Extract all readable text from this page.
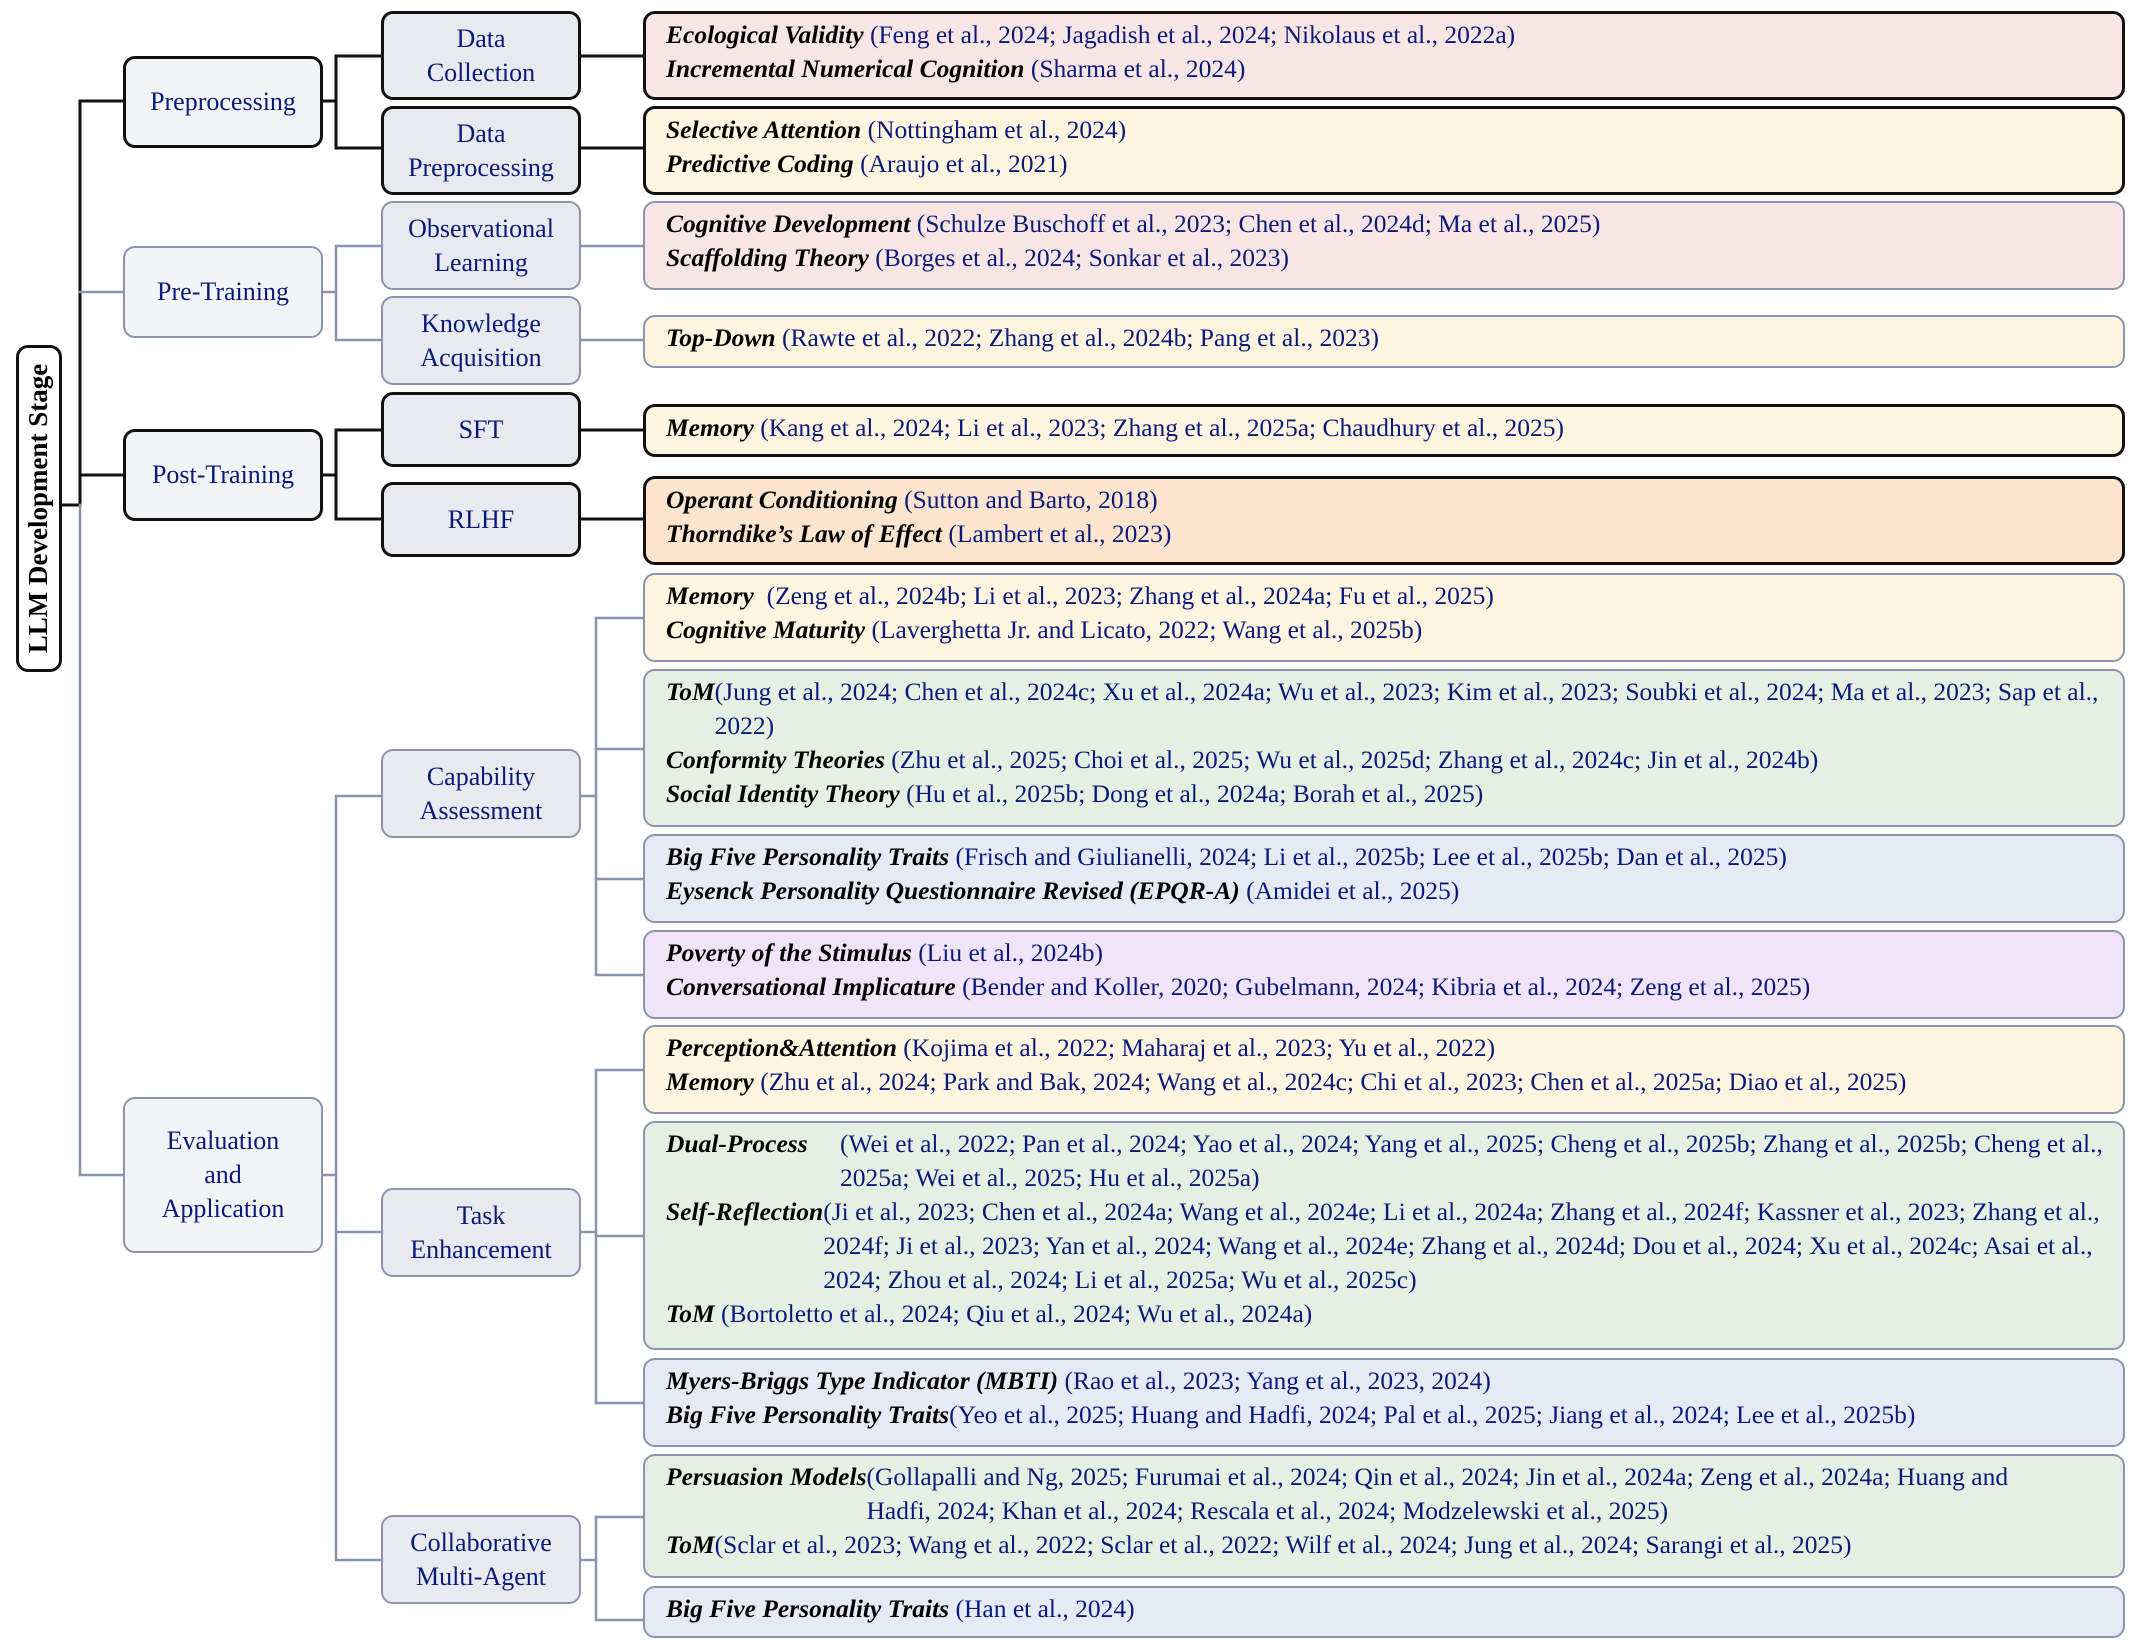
LLM Development Stage
Preprocessing
Pre-Training
Post-Training
Evaluation and Application
Data Collection
Data Preprocessing
Observational Learning
Knowledge Acquisition
SFT
RLHF
Capability Assessment
Task Enhancement
Collaborative Multi-Agent
Ecological Validity (Feng et al., 2024; Jagadish et al., 2024; Nikolaus et al., 2022a)
Incremental Numerical Cognition (Sharma et al., 2024)
Selective Attention (Nottingham et al., 2024)
Predictive Coding (Araujo et al., 2021)
Cognitive Development (Schulze Buschoff et al., 2023; Chen et al., 2024d; Ma et al., 2025)
Scaffolding Theory (Borges et al., 2024; Sonkar et al., 2023)
Top-Down (Rawte et al., 2022; Zhang et al., 2024b; Pang et al., 2023)
Memory (Kang et al., 2024; Li et al., 2023; Zhang et al., 2025a; Chaudhury et al., 2025)
Operant Conditioning (Sutton and Barto, 2018)
Thorndike’s Law of Effect (Lambert et al., 2023)
Memory  (Zeng et al., 2024b; Li et al., 2023; Zhang et al., 2024a; Fu et al., 2025)
Cognitive Maturity (Laverghetta Jr. and Licato, 2022; Wang et al., 2025b)
ToM (Jung et al., 2024; Chen et al., 2024c; Xu et al., 2024a; Wu et al., 2023; Kim et al., 2023; Soubki et al., 2024; Ma et al., 2023; Sap et al., 2022)
Conformity Theories (Zhu et al., 2025; Choi et al., 2025; Wu et al., 2025d; Zhang et al., 2024c; Jin et al., 2024b)
Social Identity Theory (Hu et al., 2025b; Dong et al., 2024a; Borah et al., 2025)
Big Five Personality Traits (Frisch and Giulianelli, 2024; Li et al., 2025b; Lee et al., 2025b; Dan et al., 2025)
Eysenck Personality Questionnaire Revised (EPQR-A) (Amidei et al., 2025)
Poverty of the Stimulus (Liu et al., 2024b)
Conversational Implicature (Bender and Koller, 2020; Gubelmann, 2024; Kibria et al., 2024; Zeng et al., 2025)
Perception&Attention (Kojima et al., 2022; Maharaj et al., 2023; Yu et al., 2022)
Memory (Zhu et al., 2024; Park and Bak, 2024; Wang et al., 2024c; Chi et al., 2023; Chen et al., 2025a; Diao et al., 2025)
Dual-Process	(Wei et al., 2022; Pan et al., 2024; Yao et al., 2024; Yang et al., 2025; Cheng et al., 2025b; Zhang et al., 2025b; Cheng et al., 2025a; Wei et al., 2025; Hu et al., 2025a)
Self-Reflection (Ji et al., 2023; Chen et al., 2024a; Wang et al., 2024e; Li et al., 2024a; Zhang et al., 2024f; Kassner et al., 2023; Zhang et al., 2024f; Ji et al., 2023; Yan et al., 2024; Wang et al., 2024e; Zhang et al., 2024d; Dou et al., 2024; Xu et al., 2024c; Asai et al., 2024; Zhou et al., 2024; Li et al., 2025a; Wu et al., 2025c)
ToM (Bortoletto et al., 2024; Qiu et al., 2024; Wu et al., 2024a)
Myers-Briggs Type Indicator (MBTI) (Rao et al., 2023; Yang et al., 2023, 2024)
Big Five Personality Traits(Yeo et al., 2025; Huang and Hadfi, 2024; Pal et al., 2025; Jiang et al., 2024; Lee et al., 2025b)
Persuasion Models (Gollapalli and Ng, 2025; Furumai et al., 2024; Qin et al., 2024; Jin et al., 2024a; Zeng et al., 2024a; Huang and Hadfi, 2024; Khan et al., 2024; Rescala et al., 2024; Modzelewski et al., 2025)
ToM(Sclar et al., 2023; Wang et al., 2022; Sclar et al., 2022; Wilf et al., 2024; Jung et al., 2024; Sarangi et al., 2025)
Big Five Personality Traits (Han et al., 2024)
